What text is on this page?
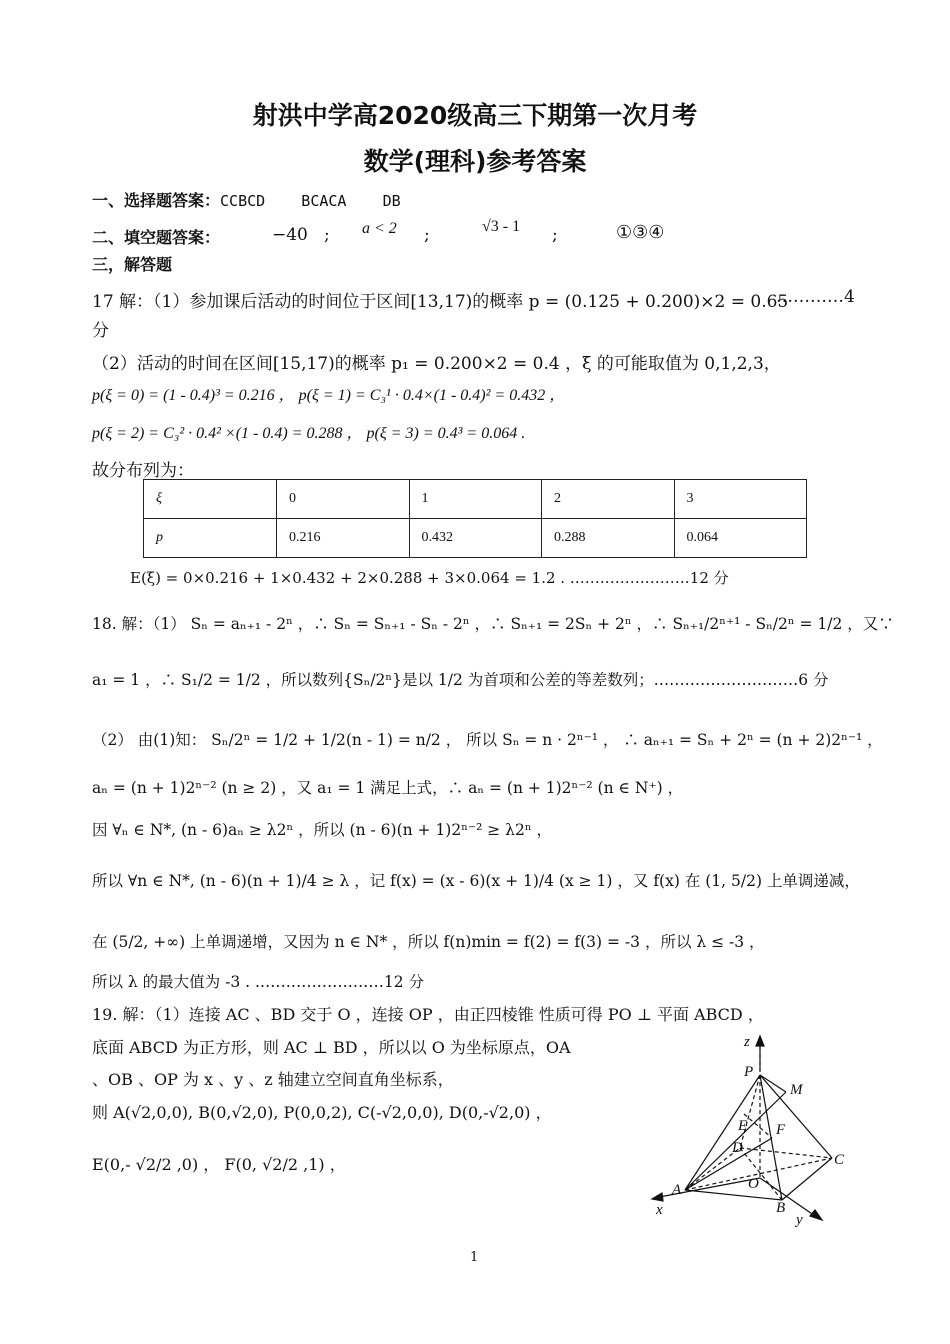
射洪中学高2020级高三下期第一次月考
数学(理科)参考答案
一、选择题答案：CCBCD    BCACA    DB
二、填空题答案：	−40 ; a < 2 ;	√3 - 1 ;	①③④
三，解答题
17 解：（1）参加课后活动的时间位于区间[13,17)的概率 p = (0.125 + 0.200)×2 = 0.65
…………4
分
（2）活动的时间在区间[15,17)的概率 p₁ = 0.200×2 = 0.4 ，ξ 的可能取值为 0,1,2,3，
p(ξ = 0) = (1 - 0.4)³ = 0.216 ， p(ξ = 1) = C₃¹ · 0.4×(1 - 0.4)² = 0.432 ，
p(ξ = 2) = C₃² · 0.4² ×(1 - 0.4) = 0.288 ， p(ξ = 3) = 0.4³ = 0.064 .
故分布列为：
ξ	0	1	2	3
p	0.216	0.432	0.288	0.064
E(ξ) = 0×0.216 + 1×0.432 + 2×0.288 + 3×0.064 = 1.2 . ……………………12 分
18. 解：（1） Sₙ = aₙ₊₁ - 2ⁿ ，∴ Sₙ = Sₙ₊₁ - Sₙ - 2ⁿ ，∴ Sₙ₊₁ = 2Sₙ + 2ⁿ ，∴ Sₙ₊₁/2ⁿ⁺¹ - Sₙ/2ⁿ = 1/2 ，又∵
a₁ = 1 ，∴ S₁/2 = 1/2 ，所以数列{Sₙ/2ⁿ}是以 1/2 为首项和公差的等差数列；.………………………6 分
（2） 由(1)知： Sₙ/2ⁿ = 1/2 + 1/2(n - 1) = n/2 ， 所以 Sₙ = n · 2ⁿ⁻¹ ， ∴ aₙ₊₁ = Sₙ + 2ⁿ = (n + 2)2ⁿ⁻¹ ，
aₙ = (n + 1)2ⁿ⁻² (n ≥ 2) ，又 a₁ = 1 满足上式，∴ aₙ = (n + 1)2ⁿ⁻² (n ∈ N⁺) ，
因 ∀ₙ ∈ N*, (n - 6)aₙ ≥ λ2ⁿ ，所以 (n - 6)(n + 1)2ⁿ⁻² ≥ λ2ⁿ ，
所以 ∀n ∈ N*, (n - 6)(n + 1)/4 ≥ λ ，记 f(x) = (x - 6)(x + 1)/4 (x ≥ 1) ，又 f(x) 在 (1, 5/2) 上单调递减，
在 (5/2, +∞) 上单调递增，又因为 n ∈ N* ，所以 f(n)min = f(2) = f(3) = -3 ，所以 λ ≤ -3 ，
所以 λ 的最大值为 -3 . .……………………12 分
19. 解：（1）连接 AC 、BD 交于 O ，连接 OP ，由正四棱锥 性质可得 PO ⊥ 平面 ABCD ，
底面 ABCD 为正方形，则 AC ⊥ BD ，所以以 O 为坐标原点，OA
、OB 、OP 为 x 、y 、z 轴建立空间直角坐标系，
则 A(√2,0,0), B(0,√2,0), P(0,0,2), C(-√2,0,0), D(0,-√2,0) ，
E(0,- √2/2 ,0) ， F(0, √2/2 ,1) ，
z
P
M
E F
D
C
A	O
B
x
y
1
